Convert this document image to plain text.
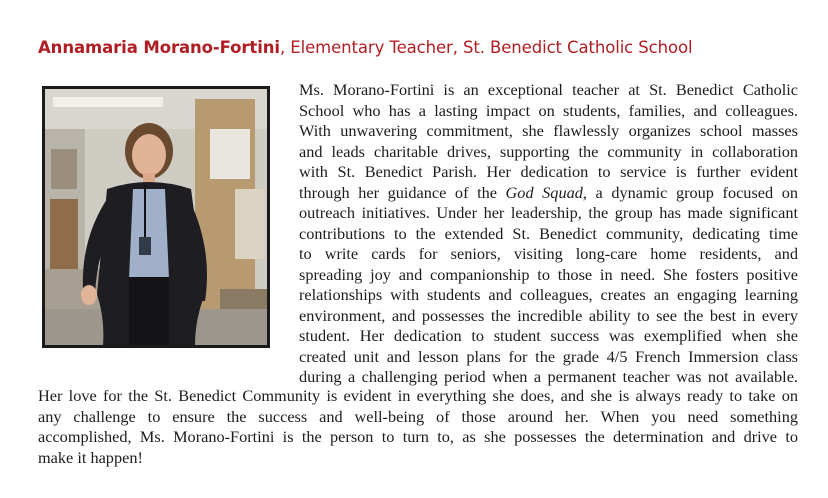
Annamaria Morano-Fortini, Elementary Teacher, St. Benedict Catholic School
Ms. Morano-Fortini is an exceptional teacher at St. Benedict Catholic
School who has a lasting impact on students, families, and colleagues.
With unwavering commitment, she flawlessly organizes school masses
and leads charitable drives, supporting the community in collaboration
with St. Benedict Parish. Her dedication to service is further evident
through her guidance of the God Squad, a dynamic group focused on
outreach initiatives. Under her leadership, the group has made significant
contributions to the extended St. Benedict community, dedicating time
to write cards for seniors, visiting long-care home residents, and
spreading joy and companionship to those in need. She fosters positive
relationships with students and colleagues, creates an engaging learning
environment, and possesses the incredible ability to see the best in every
student. Her dedication to student success was exemplified when she
created unit and lesson plans for the grade 4/5 French Immersion class
during a challenging period when a permanent teacher was not available.
Her love for the St. Benedict Community is evident in everything she does, and she is always ready to take on
any challenge to ensure the success and well-being of those around her. When you need something
accomplished, Ms. Morano-Fortini is the person to turn to, as she possesses the determination and drive to
make it happen!
